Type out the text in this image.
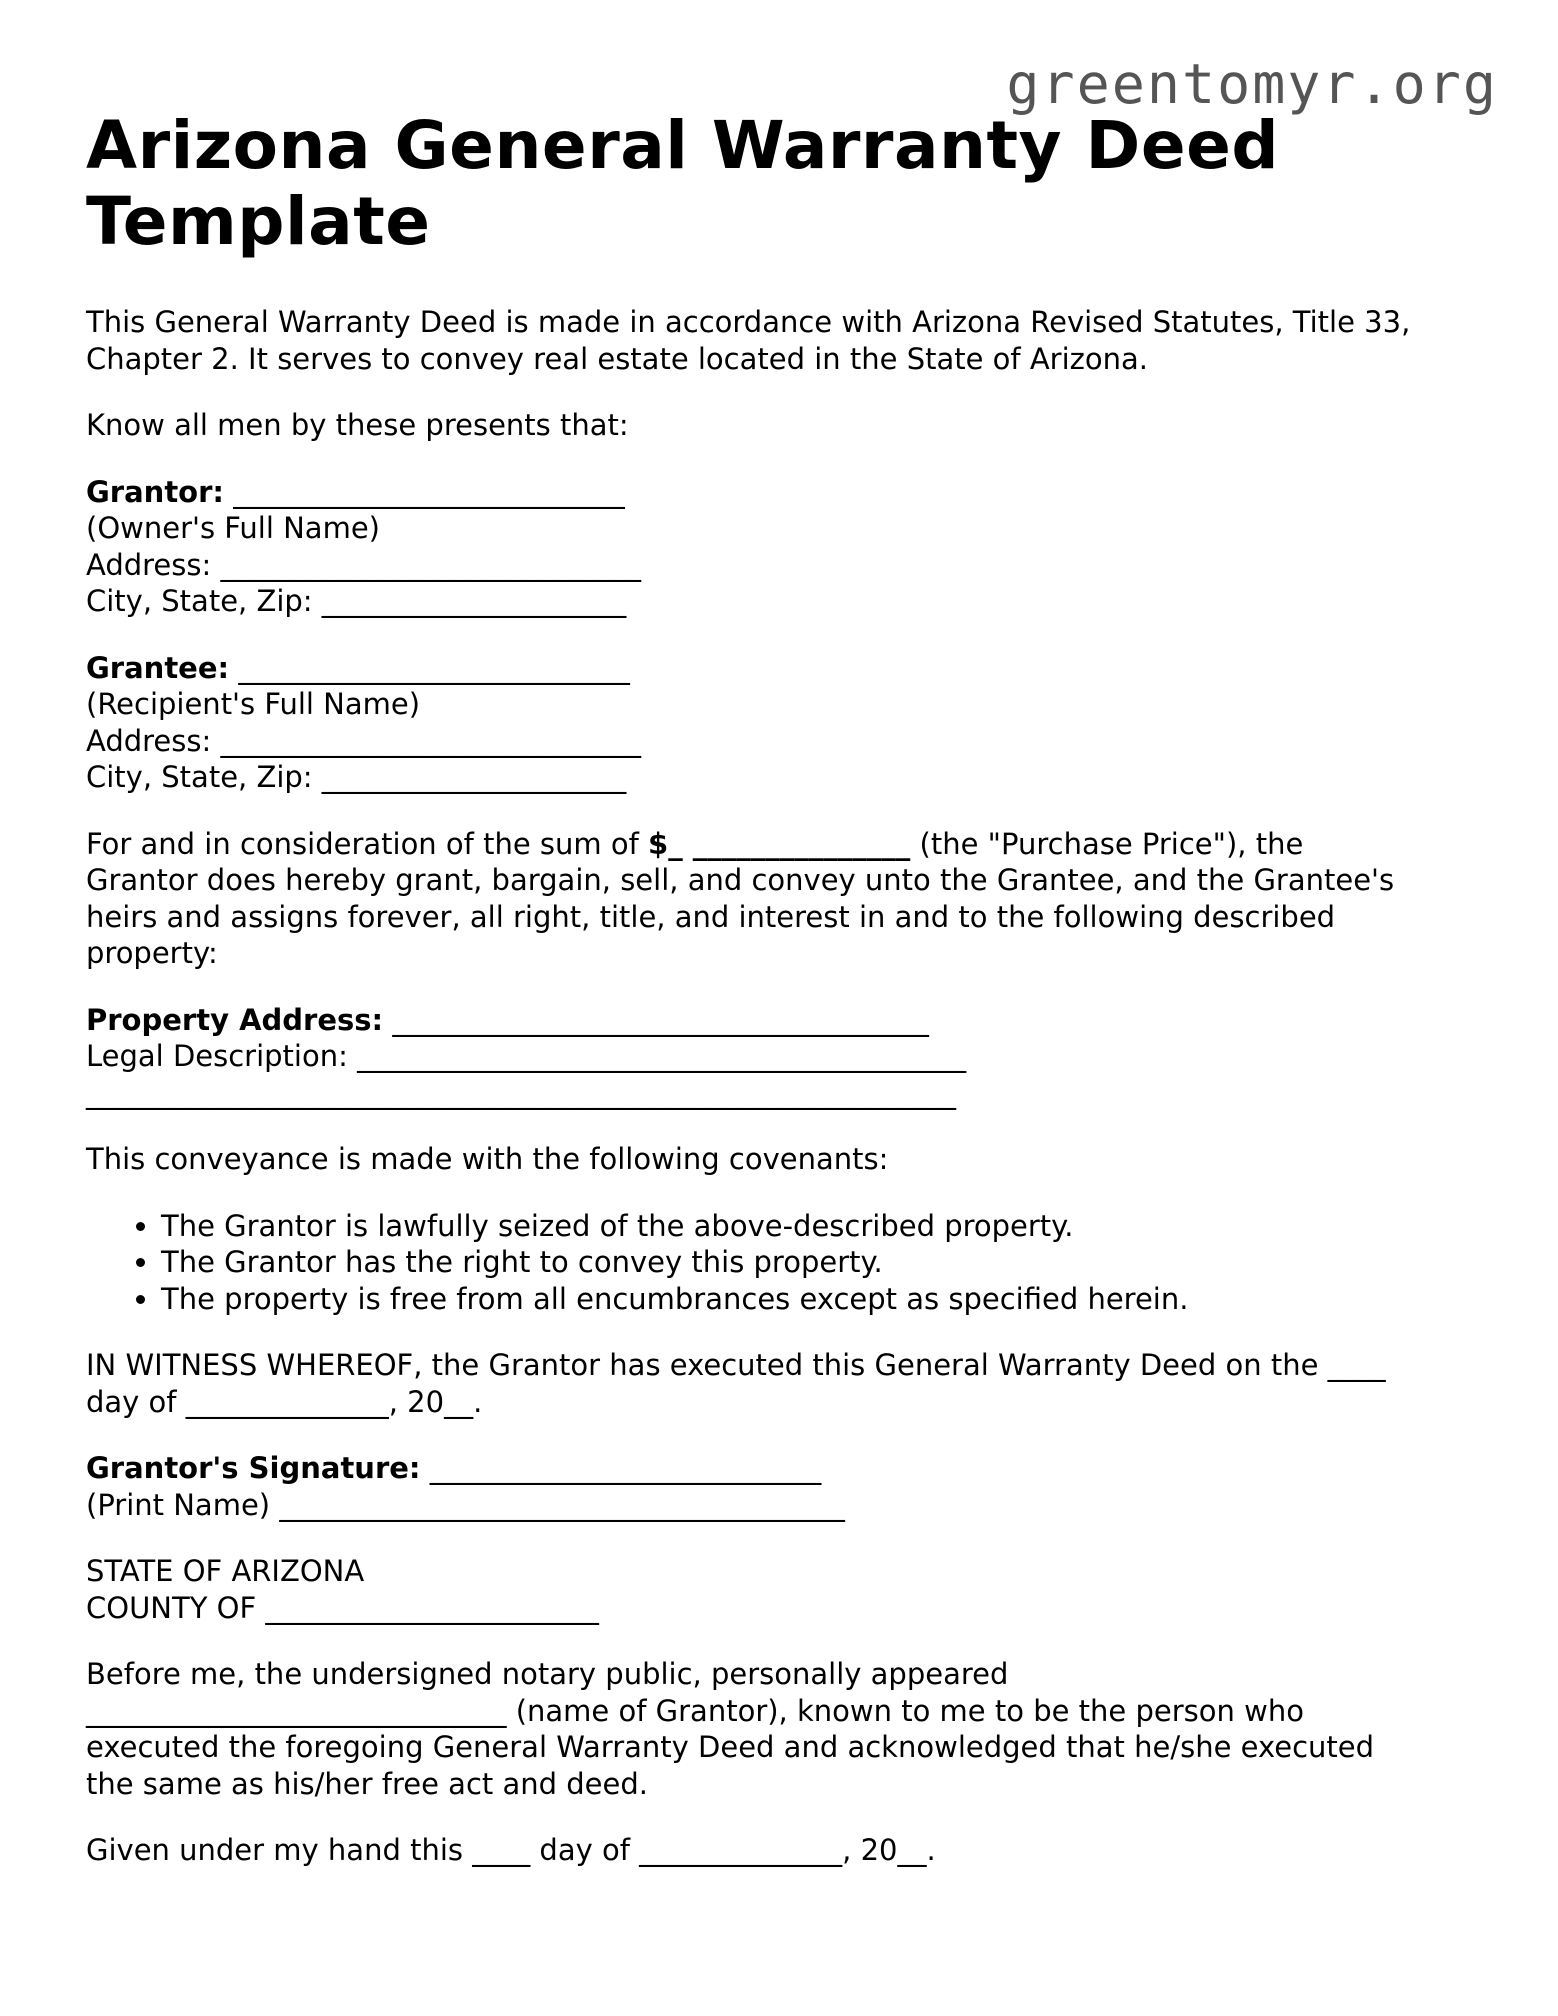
greentomyr.org
Arizona General Warranty Deed
Template

This General Warranty Deed is made in accordance with Arizona Revised Statutes, Title 33,
Chapter 2. It serves to convey real estate located in the State of Arizona.

Know all men by these presents that:

Grantor: ___________________________
(Owner's Full Name)
Address: _____________________________
City, State, Zip: _____________________
Grantee: ___________________________
(Recipient's Full Name)
Address: _____________________________
City, State, Zip: _____________________

For and in consideration of the sum of $_ _______________ (the "Purchase Price"), the
Grantor does hereby grant, bargain, sell, and convey unto the Grantee, and the Grantee's
heirs and assigns forever, all right, title, and interest in and to the following described
property:

Property Address: _____________________________________
Legal Description: __________________________________________
____________________________________________________________

This conveyance is made with the following covenants:

• The Grantor is lawfully seized of the above-described property.
• The Grantor has the right to convey this property.
• The property is free from all encumbrances except as specified herein.

IN WITNESS WHEREOF, the Grantor has executed this General Warranty Deed on the ____
day of ______________, 20__.

Grantor's Signature: ___________________________
(Print Name) _______________________________________
STATE OF ARIZONA
COUNTY OF _______________________

Before me, the undersigned notary public, personally appeared
_____________________________ (name of Grantor), known to me to be the person who
executed the foregoing General Warranty Deed and acknowledged that he/she executed
the same as his/her free act and deed.

Given under my hand this ____ day of ______________, 20__.
